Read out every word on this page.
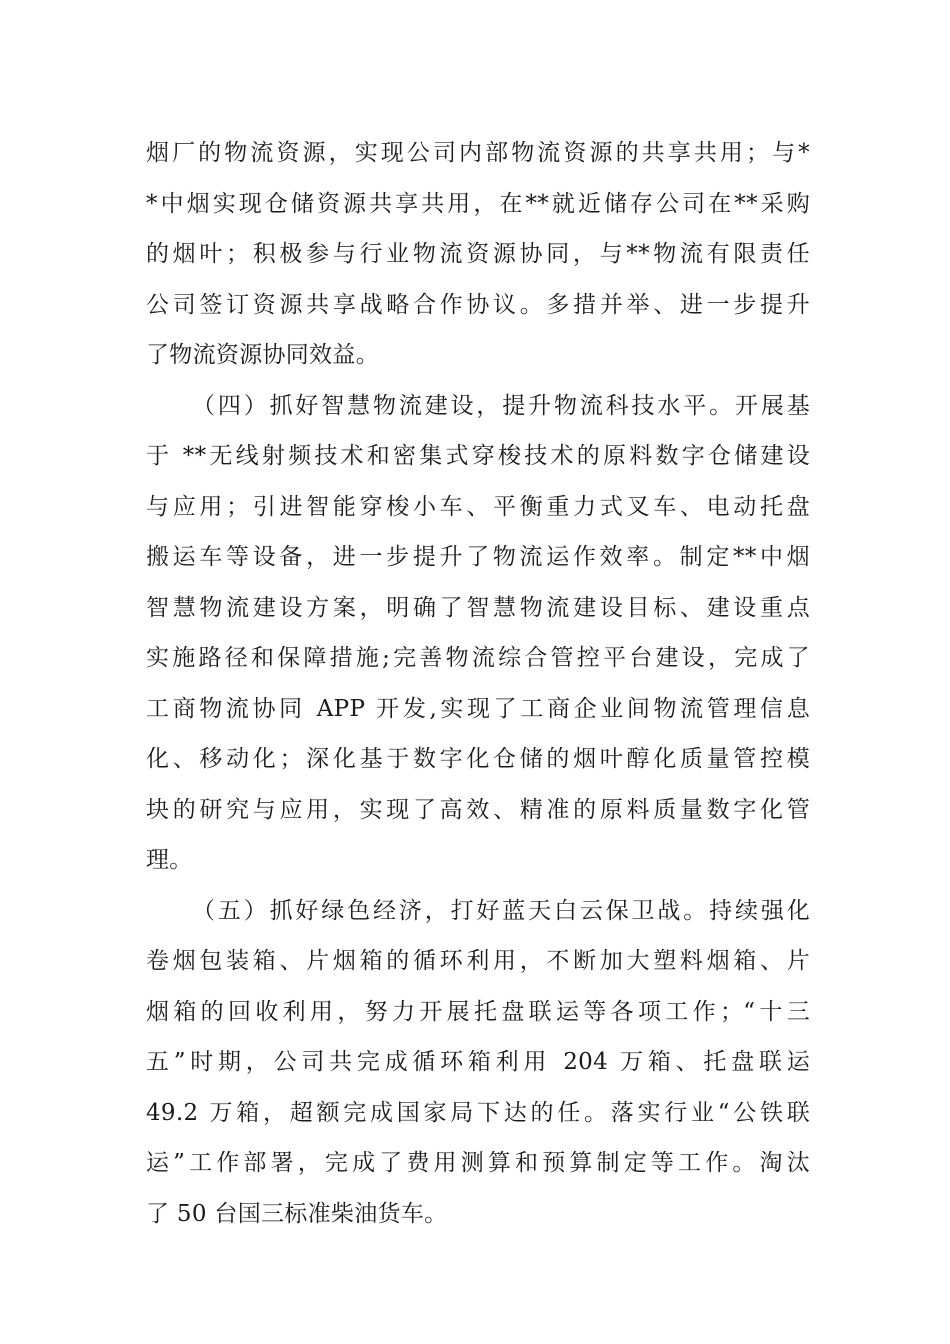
烟厂的物流资源，实现公司内部物流资源的共享共用；与*
*中烟实现仓储资源共享共用，在**就近储存公司在**采购
的烟叶；积极参与行业物流资源协同，与**物流有限责任
公司签订资源共享战略合作协议。多措并举、进一步提升
了物流资源协同效益。
（四）抓好智慧物流建设，提升物流科技水平。开展基
于 **无线射频技术和密集式穿梭技术的原料数字仓储建设
与应用；引进智能穿梭小车、平衡重力式叉车、电动托盘
搬运车等设备，进一步提升了物流运作效率。制定**中烟
智慧物流建设方案，明确了智慧物流建设目标、建设重点
实施路径和保障措施;完善物流综合管控平台建设，完成了
工商物流协同 APP 开发,实现了工商企业间物流管理信息
化、移动化；深化基于数字化仓储的烟叶醇化质量管控模
块的研究与应用，实现了高效、精准的原料质量数字化管
理。
（五）抓好绿色经济，打好蓝天白云保卫战。持续强化
卷烟包装箱、片烟箱的循环利用，不断加大塑料烟箱、片
烟箱的回收利用，努力开展托盘联运等各项工作；“十三
五”时期，公司共完成循环箱利用 204 万箱、托盘联运
49.2 万箱，超额完成国家局下达的任。落实行业“公铁联
运”工作部署，完成了费用测算和预算制定等工作。淘汰
了 50 台国三标准柴油货车。
